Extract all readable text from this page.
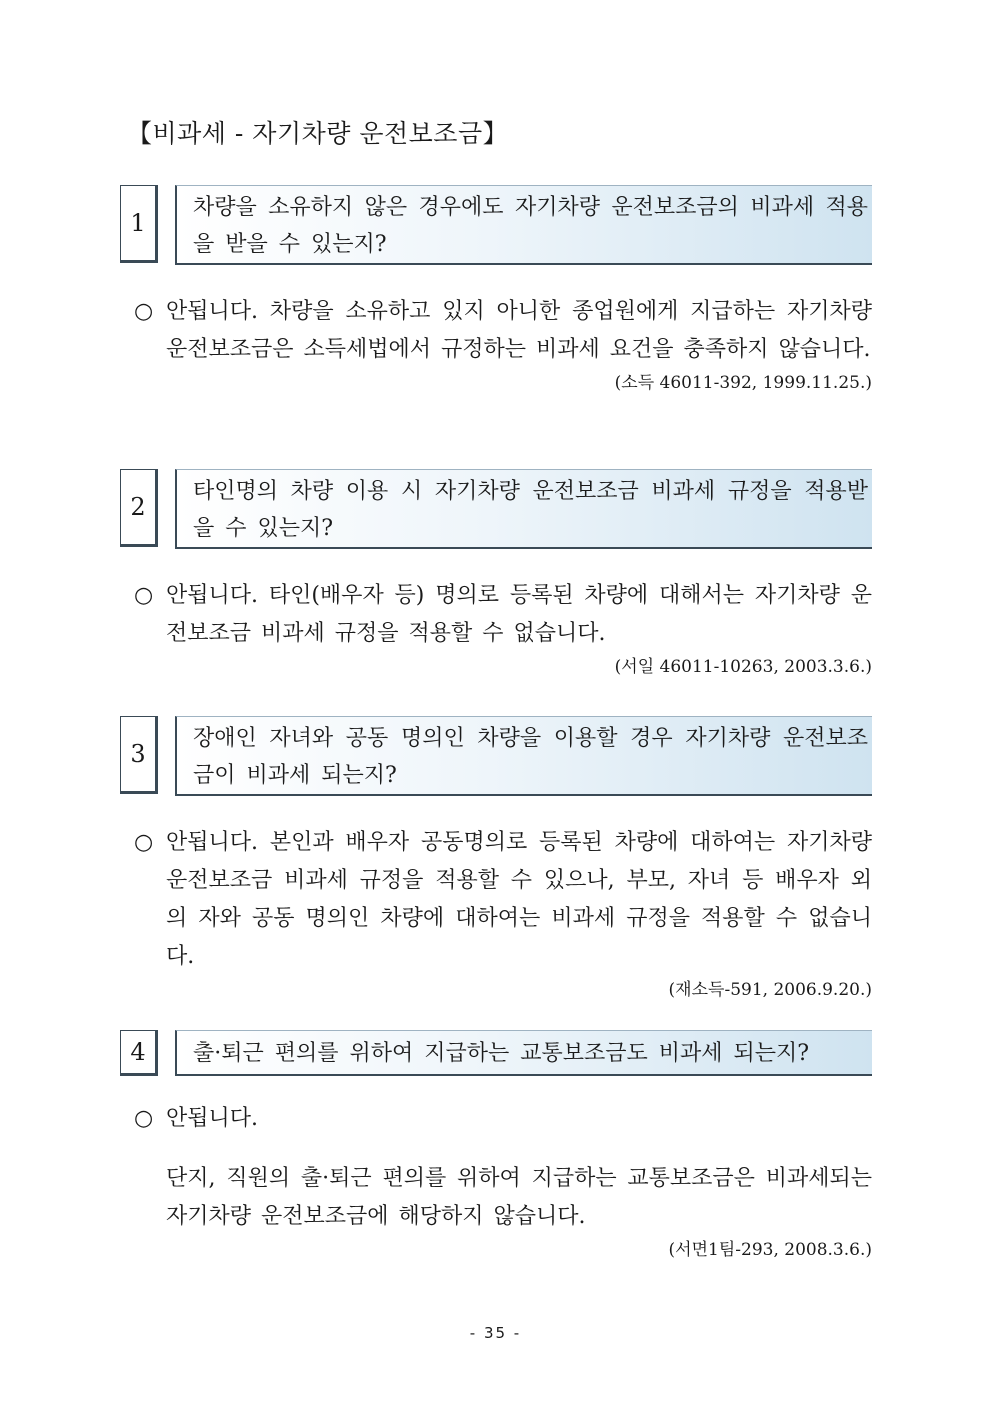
【비과세 - 자기차량 운전보조금】
1
차량을 소유하지 않은 경우에도 자기차량 운전보조금의 비과세 적용을 받을 수 있는지?
○ 안됩니다. 차량을 소유하고 있지 아니한 종업원에게 지급하는 자기차량운전보조금은 소득세법에서 규정하는 비과세 요건을 충족하지 않습니다.
(소득 46011-392, 1999.11.25.)
2
타인명의 차량 이용 시 자기차량 운전보조금 비과세 규정을 적용받을 수 있는지?
○ 안됩니다. 타인(배우자 등) 명의로 등록된 차량에 대해서는 자기차량 운전보조금 비과세 규정을 적용할 수 없습니다.
(서일 46011-10263, 2003.3.6.)
3
장애인 자녀와 공동 명의인 차량을 이용할 경우 자기차량 운전보조금이 비과세 되는지?
○ 안됩니다. 본인과 배우자 공동명의로 등록된 차량에 대하여는 자기차량운전보조금 비과세 규정을 적용할 수 있으나, 부모, 자녀 등 배우자 외의 자와 공동 명의인 차량에 대하여는 비과세 규정을 적용할 수 없습니다.
(재소득-591, 2006.9.20.)
4	출·퇴근 편의를 위하여 지급하는 교통보조금도 비과세 되는지?
○ 안됩니다.
단지, 직원의 출·퇴근 편의를 위하여 지급하는 교통보조금은 비과세되는 자기차량 운전보조금에 해당하지 않습니다.
(서면1팀-293, 2008.3.6.)
- 35 -
